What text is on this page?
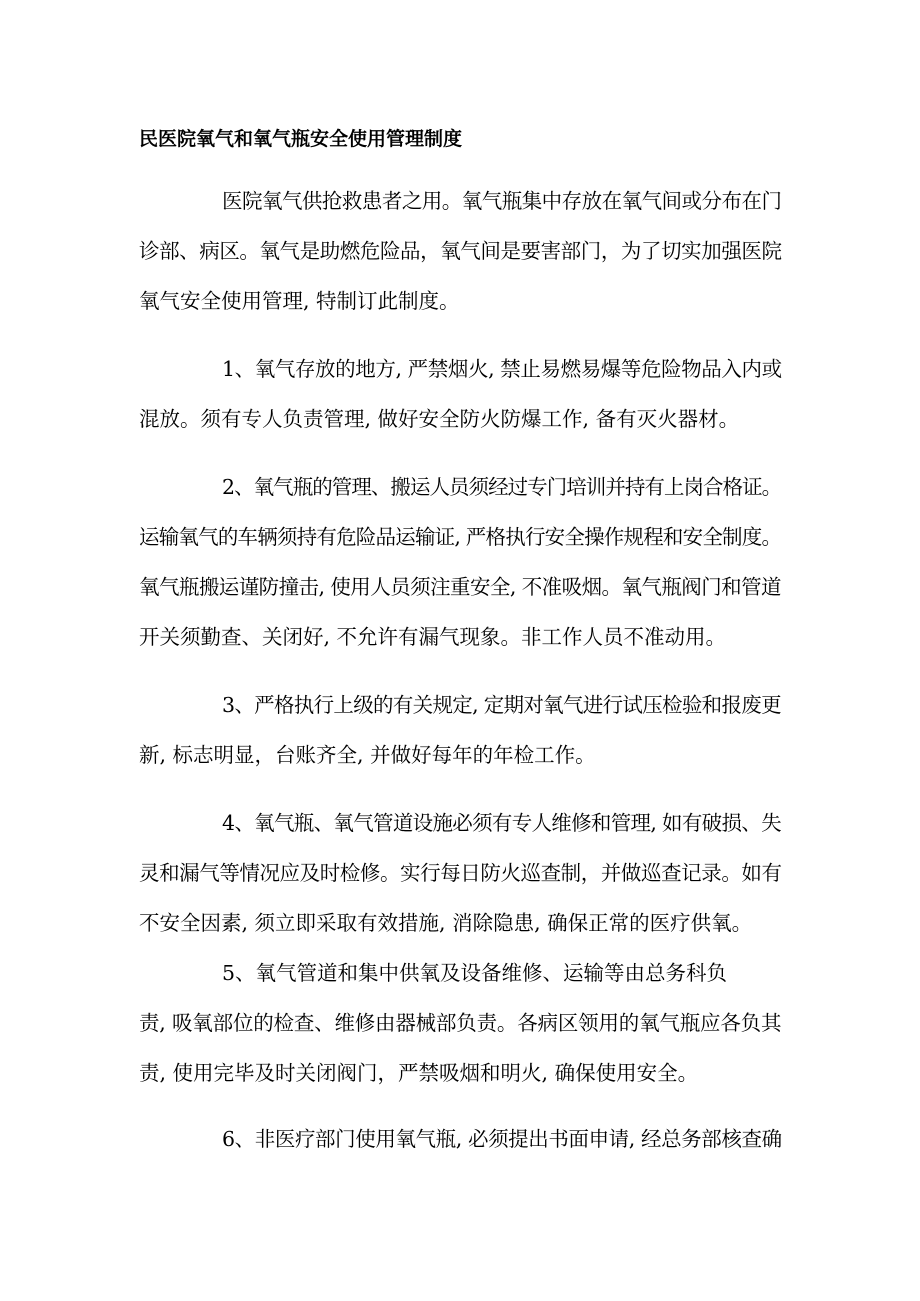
民医院氧气和氧气瓶安全使用管理制度
医院氧气供抢救患者之用。氧气瓶集中存放在氧气间或分布在门
诊部、病区。氧气是助燃危险品，氧气间是要害部门，为了切实加强医院
氧气安全使用管理, 特制订此制度。
1、氧气存放的地方, 严禁烟火, 禁止易燃易爆等危险物品入内或
混放。须有专人负责管理, 做好安全防火防爆工作, 备有灭火器材。
2、氧气瓶的管理、搬运人员须经过专门培训并持有上岗合格证。
运输氧气的车辆须持有危险品运输证, 严格执行安全操作规程和安全制度。
氧气瓶搬运谨防撞击, 使用人员须注重安全, 不准吸烟。氧气瓶阀门和管道
开关须勤查、关闭好, 不允许有漏气现象。非工作人员不准动用。
3、严格执行上级的有关规定, 定期对氧气进行试压检验和报废更
新, 标志明显，台账齐全, 并做好每年的年检工作。
4、氧气瓶、氧气管道设施必须有专人维修和管理, 如有破损、失
灵和漏气等情况应及时检修。实行每日防火巡查制，并做巡查记录。如有
不安全因素, 须立即采取有效措施, 消除隐患, 确保正常的医疗供氧。
5、氧气管道和集中供氧及设备维修、运输等由总务科负
责, 吸氧部位的检查、维修由器械部负责。各病区领用的氧气瓶应各负其
责, 使用完毕及时关闭阀门，严禁吸烟和明火, 确保使用安全。
6、非医疗部门使用氧气瓶, 必须提出书面申请, 经总务部核查确
